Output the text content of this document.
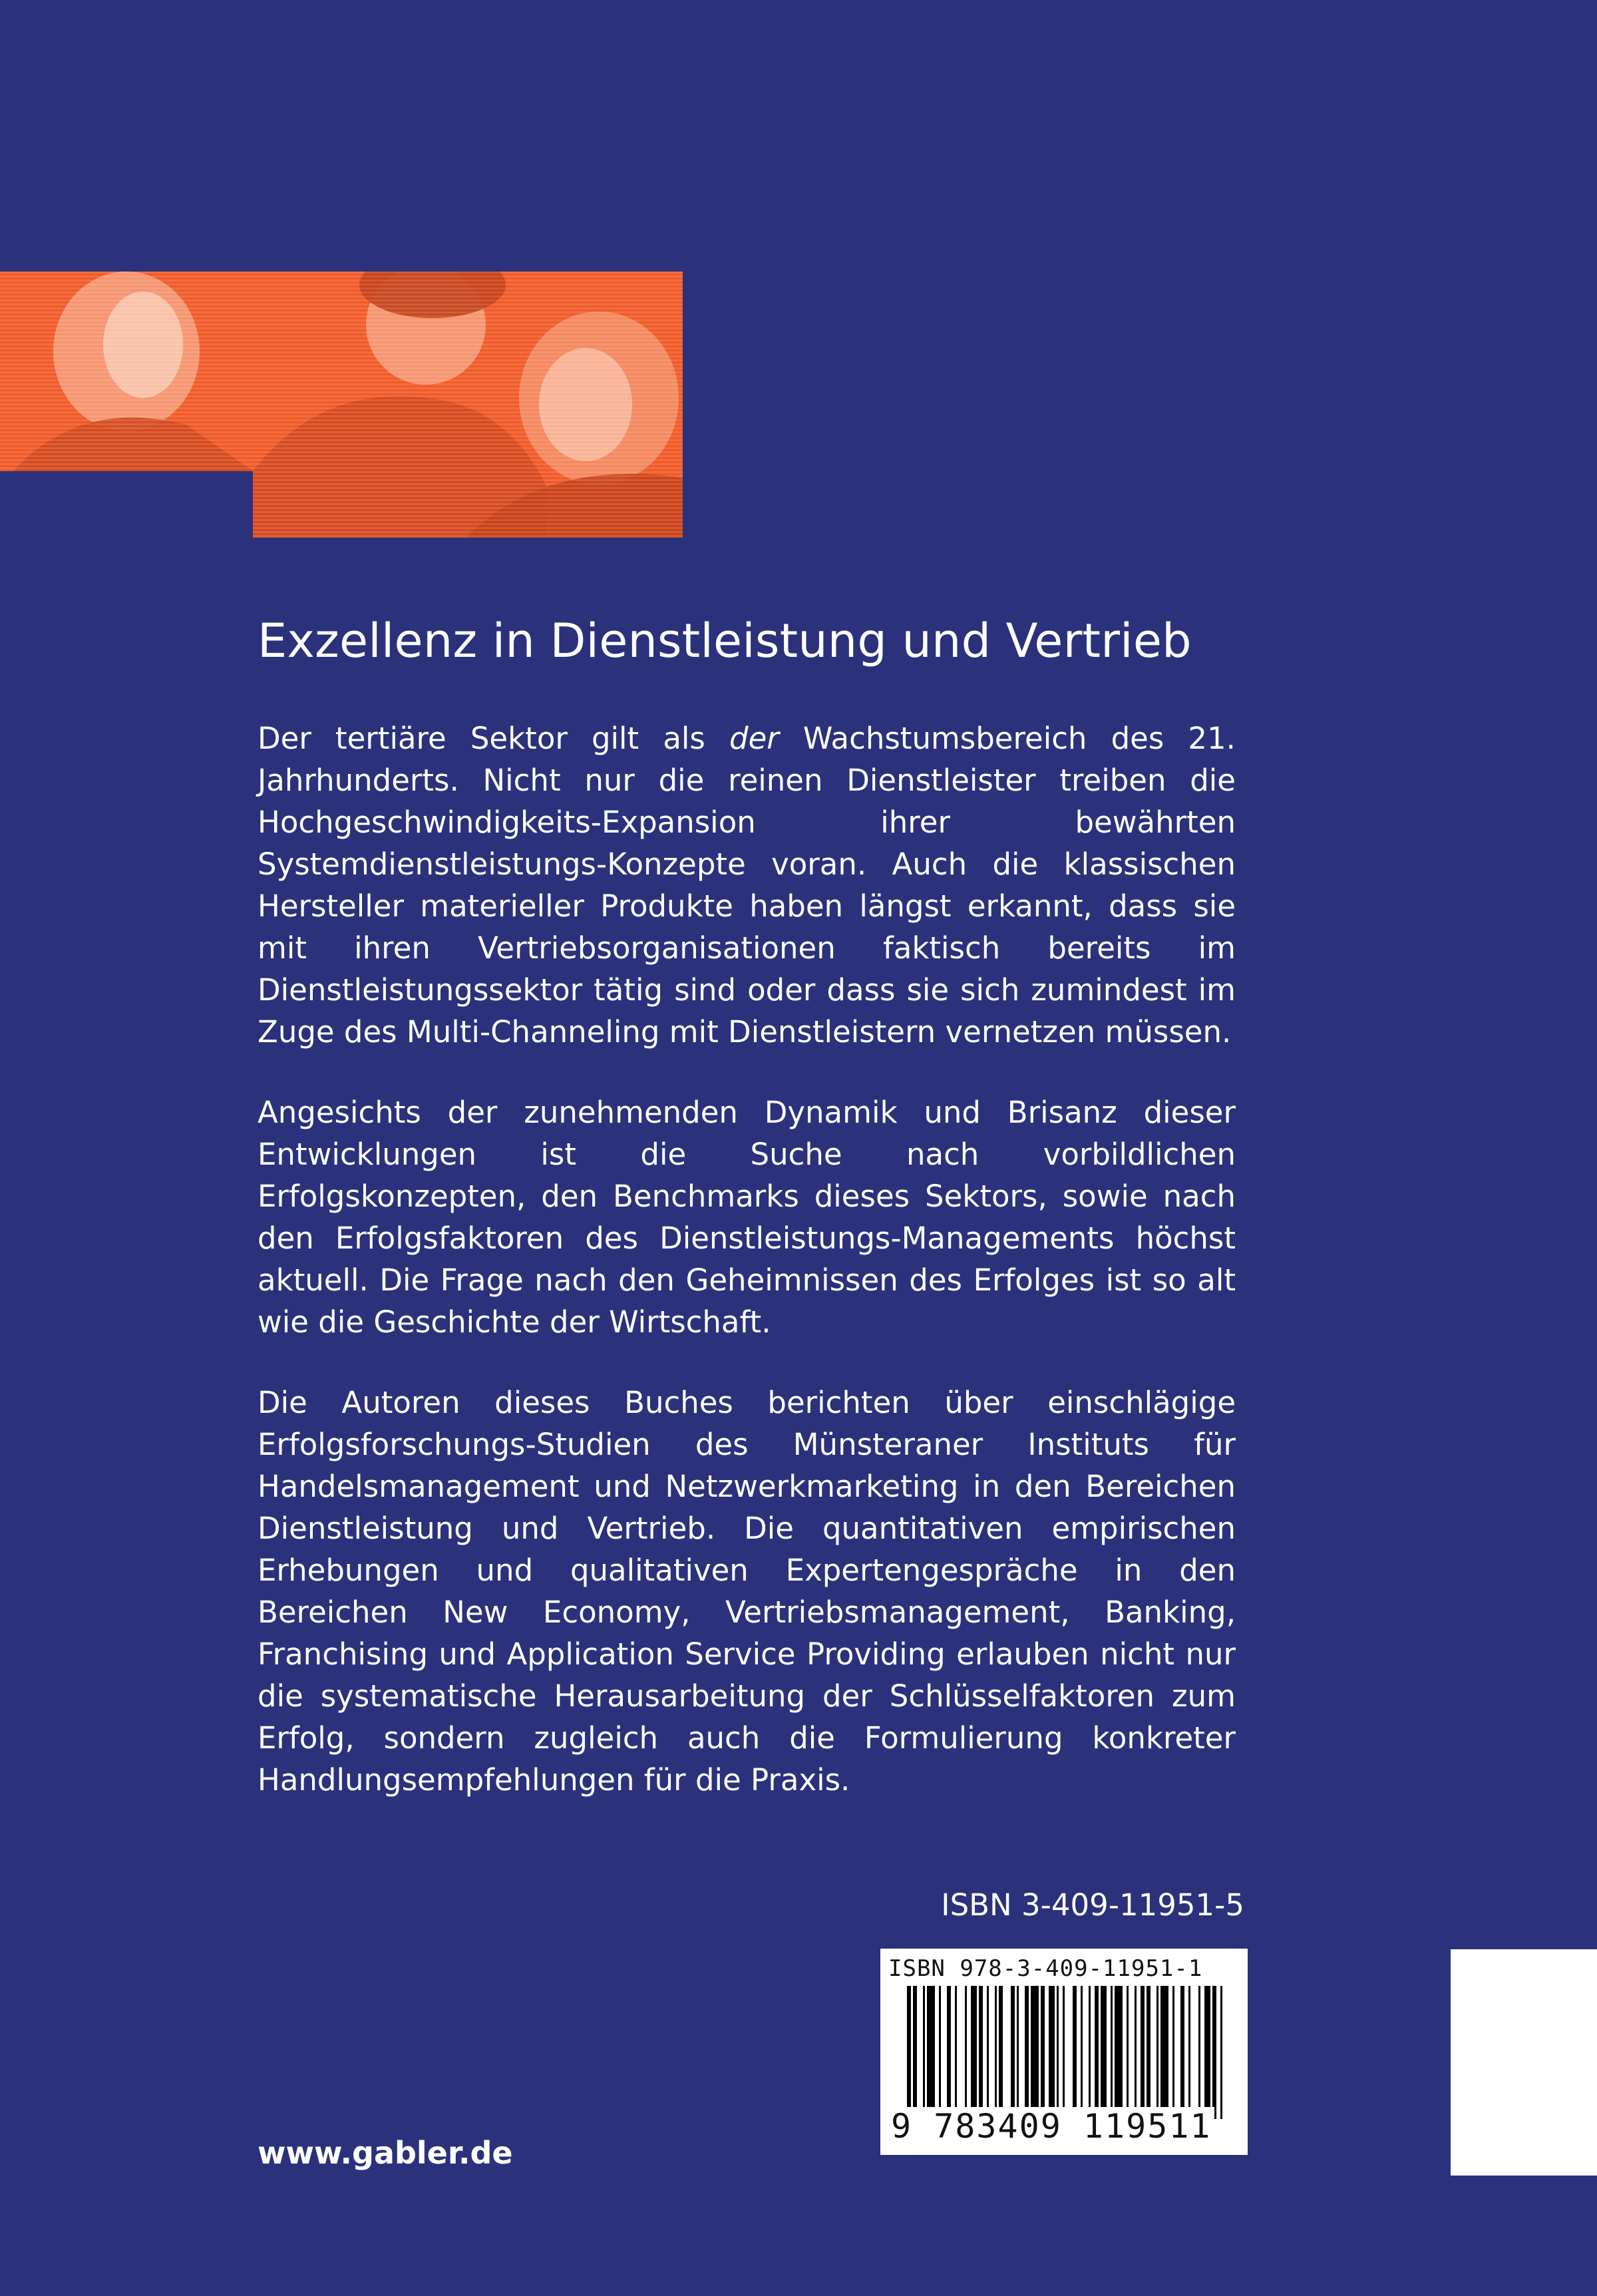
Exzellenz in Dienstleistung und Vertrieb

Der tertiäre Sektor gilt als der Wachstumsbereich des 21. Jahrhunderts. Nicht nur die reinen Dienstleister treiben die Hochgeschwindigkeits-Expansion ihrer bewährten Systemdienstleistungs-Konzepte voran. Auch die klassischen Hersteller materieller Produkte haben längst erkannt, dass sie mit ihren Vertriebsorganisationen faktisch bereits im Dienstleistungssektor tätig sind oder dass sie sich zumindest im Zuge des Multi-Channeling mit Dienstleistern vernetzen müssen.

Angesichts der zunehmenden Dynamik und Brisanz dieser Entwicklungen ist die Suche nach vorbildlichen Erfolgskonzepten, den Benchmarks dieses Sektors, sowie nach den Erfolgsfaktoren des Dienstleistungs-Managements höchst aktuell. Die Frage nach den Geheimnissen des Erfolges ist so alt wie die Geschichte der Wirtschaft.

Die Autoren dieses Buches berichten über einschlägige Erfolgsforschungs-Studien des Münsteraner Instituts für Handelsmanagement und Netzwerkmarketing in den Bereichen Dienstleistung und Vertrieb. Die quantitativen empirischen Erhebungen und qualitativen Expertengespräche in den Bereichen New Economy, Vertriebsmanagement, Banking, Franchising und Application Service Providing erlauben nicht nur die systematische Herausarbeitung der Schlüsselfaktoren zum Erfolg, sondern zugleich auch die Formulierung konkreter Handlungsempfehlungen für die Praxis.

ISBN 3-409-11951-5
ISBN 978-3-409-11951-1
9 783409 119511
www.gabler.de
